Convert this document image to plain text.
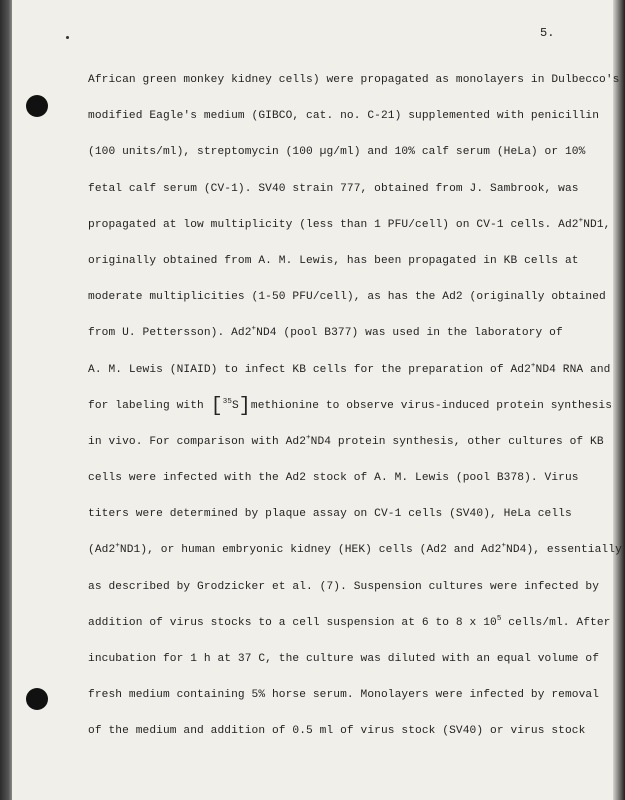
5.
African green monkey kidney cells) were propagated as monolayers in Dulbecco's
modified Eagle's medium (GIBCO, cat. no. C-21) supplemented with penicillin
(100 units/ml), streptomycin (100 µg/ml) and 10% calf serum (HeLa) or 10%
fetal calf serum (CV-1). SV40 strain 777, obtained from J. Sambrook, was
propagated at low multiplicity (less than 1 PFU/cell) on CV-1 cells. Ad2+ND1,
originally obtained from A. M. Lewis, has been propagated in KB cells at
moderate multiplicities (1-50 PFU/cell), as has the Ad2 (originally obtained
from U. Pettersson). Ad2+ND4 (pool B377) was used in the laboratory of
A. M. Lewis (NIAID) to infect KB cells for the preparation of Ad2+ND4 RNA and
for labeling with [$^{35}$S]methionine to observe virus-induced protein synthesis
in vivo. For comparison with Ad2+ND4 protein synthesis, other cultures of KB
cells were infected with the Ad2 stock of A. M. Lewis (pool B378). Virus
titers were determined by plaque assay on CV-1 cells (SV40), HeLa cells
(Ad2+ND1), or human embryonic kidney (HEK) cells (Ad2 and Ad2+ND4), essentially
as described by Grodzicker et al. (7). Suspension cultures were infected by
addition of virus stocks to a cell suspension at 6 to 8 x $10^5$ cells/ml. After
incubation for 1 h at 37 C, the culture was diluted with an equal volume of
fresh medium containing 5% horse serum. Monolayers were infected by removal
of the medium and addition of 0.5 ml of virus stock (SV40) or virus stock
